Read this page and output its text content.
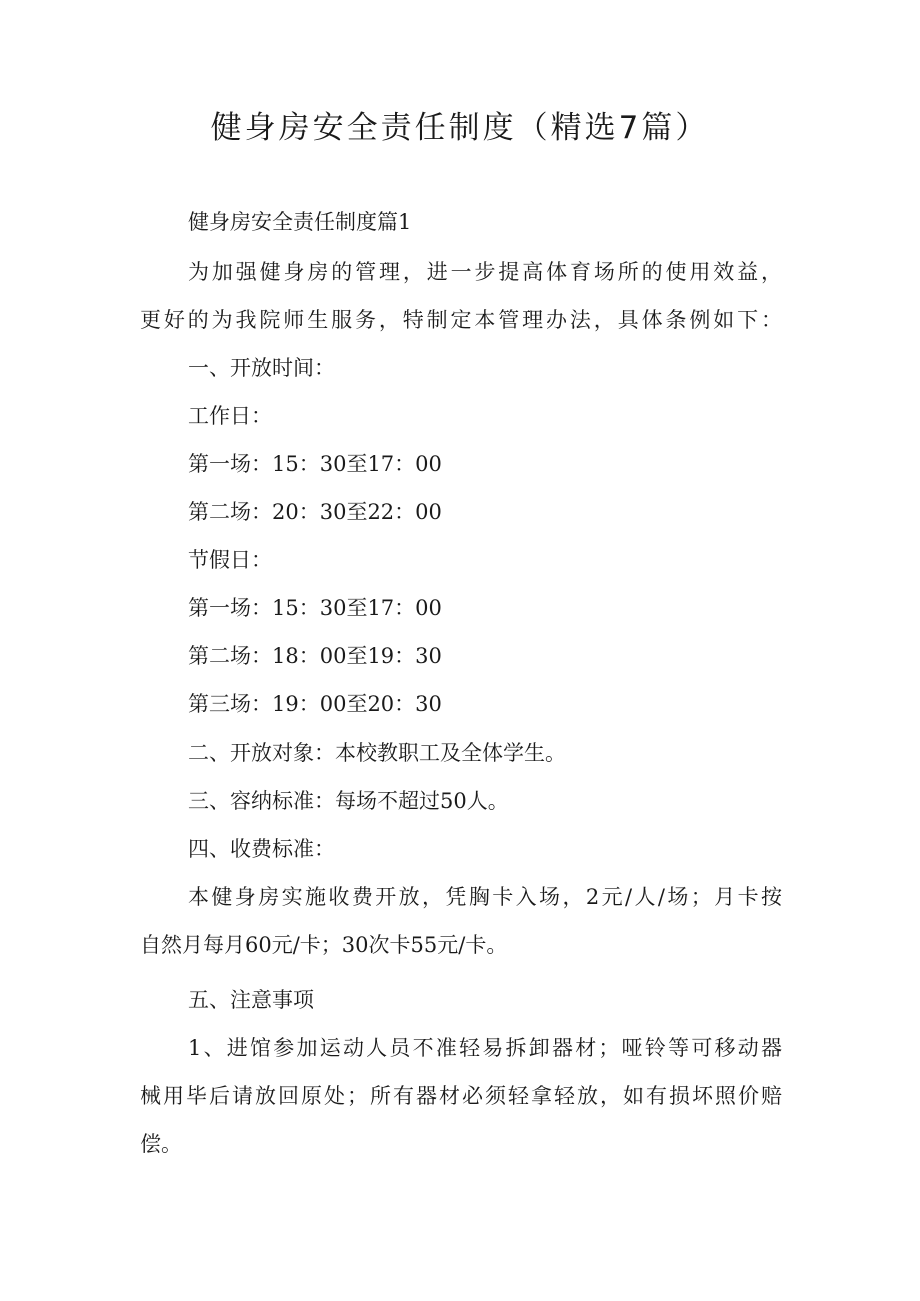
健身房安全责任制度（精选7篇）

健身房安全责任制度篇1

为加强健身房的管理，进一步提高体育场所的使用效益，

更好的为我院师生服务，特制定本管理办法，具体条例如下：

一、开放时间：

工作日：

第一场：15：30至17：00

第二场：20：30至22：00

节假日：

第一场：15：30至17：00

第二场：18：00至19：30

第三场：19：00至20：30

二、开放对象：本校教职工及全体学生。

三、容纳标准：每场不超过50人。

四、收费标准：

本健身房实施收费开放，凭胸卡入场，2元/人/场；月卡按

自然月每月60元/卡；30次卡55元/卡。

五、注意事项

1、进馆参加运动人员不准轻易拆卸器材；哑铃等可移动器

械用毕后请放回原处；所有器材必须轻拿轻放，如有损坏照价赔

偿。
